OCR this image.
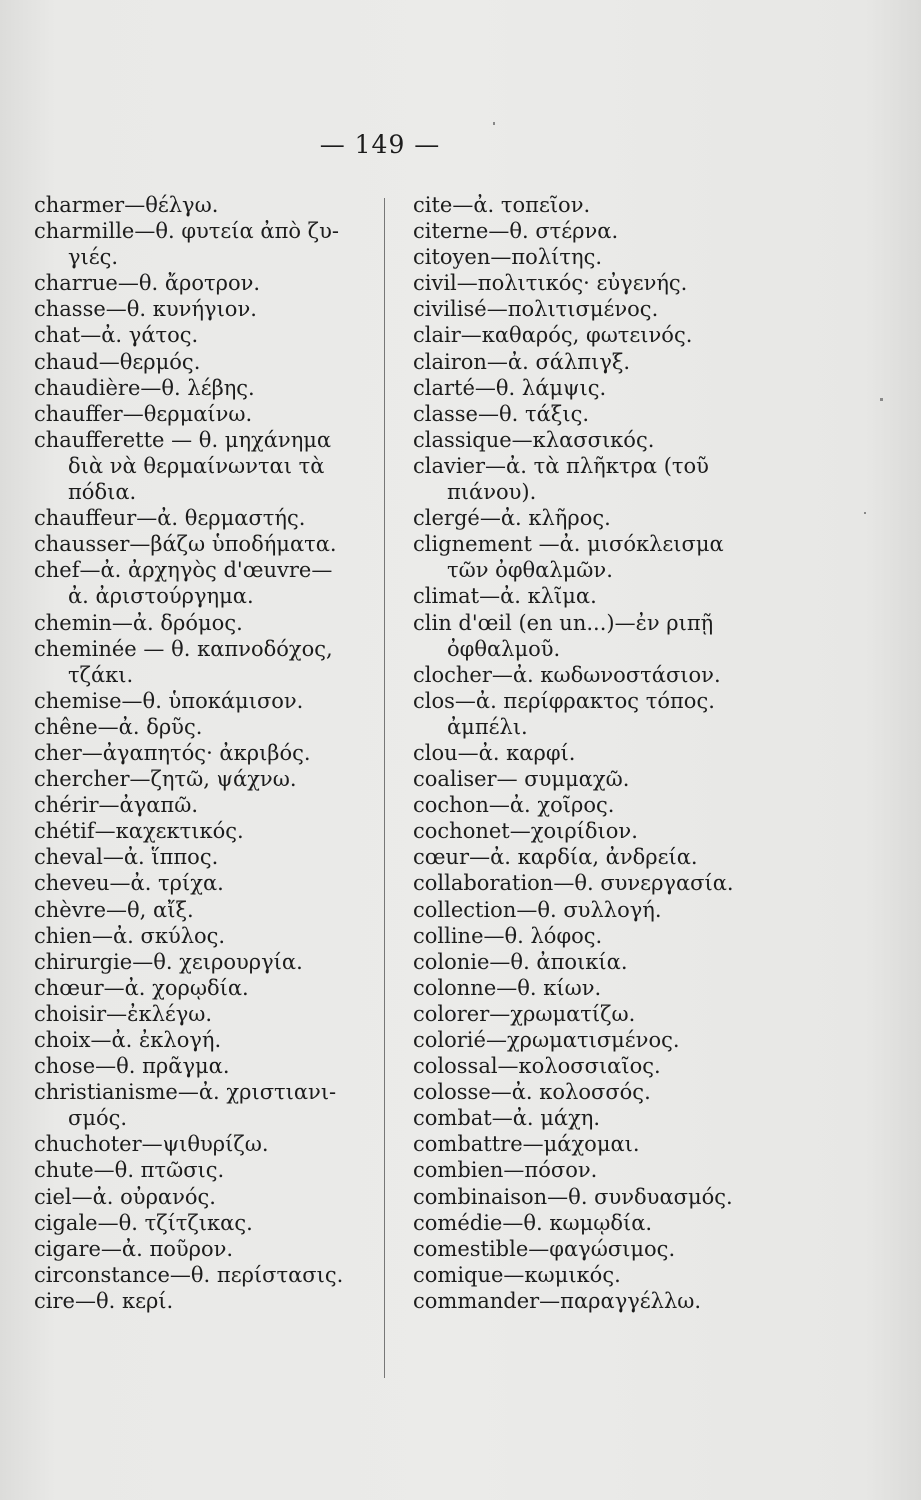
— 149 —
charmer—θέλγω.
charmille—θ. φυτεία ἀπὸ ζυ-
γιές.
charrue—θ. ἄροτρον.
chasse—θ. κυνήγιον.
chat—ἀ. γάτος.
chaud—θερμός.
chaudière—θ. λέβης.
chauffer—θερμαίνω.
chaufferette — θ. μηχάνημα
διὰ νὰ θερμαίνωνται τὰ
πόδια.
chauffeur—ἀ. θερμαστής.
chausser—βάζω ὑποδήματα.
chef—ἀ. ἀρχηγὸς d'œuvre—
ἀ. ἀριστούργημα.
chemin—ἀ. δρόμος.
cheminée — θ. καπνοδόχος,
τζάκι.
chemise—θ. ὑποκάμισον.
chêne—ἀ. δρῦς.
cher—ἀγαπητός· ἀκριβός.
chercher—ζητῶ, ψάχνω.
chérir—ἀγαπῶ.
chétif—καχεκτικός.
cheval—ἀ. ἵππος.
cheveu—ἀ. τρίχα.
chèvre—θ, αἴξ.
chien—ἀ. σκύλος.
chirurgie—θ. χειρουργία.
chœur—ἀ. χορῳδία.
choisir—ἐκλέγω.
choix—ἀ. ἐκλογή.
chose—θ. πρᾶγμα.
christianisme—ἀ. χριστιανι-
σμός.
chuchoter—ψιθυρίζω.
chute—θ. πτῶσις.
ciel—ἀ. οὐρανός.
cigale—θ. τζίτζικας.
cigare—ἀ. ποῦρον.
circonstance—θ. περίστασις.
cire—θ. κερί.
cite—ἀ. τοπεῖον.
citerne—θ. στέρνα.
citoyen—πολίτης.
civil—πολιτικός· εὐγενής.
civilisé—πολιτισμένος.
clair—καθαρός, φωτεινός.
clairon—ἀ. σάλπιγξ.
clarté—θ. λάμψις.
classe—θ. τάξις.
classique—κλασσικός.
clavier—ἀ. τὰ πλῆκτρα (τοῦ
πιάνου).
clergé—ἀ. κλῆρος.
clignement —ἀ. μισόκλεισμα
τῶν ὀφθαλμῶν.
climat—ἀ. κλῖμα.
clin d'œil (en un...)—ἐν ριπῇ
ὀφθαλμοῦ.
clocher—ἀ. κωδωνοστάσιον.
clos—ἀ. περίφρακτος τόπος.
ἀμπέλι.
clou—ἀ. καρφί.
coaliser— συμμαχῶ.
cochon—ἀ. χοῖρος.
cochonet—χοιρίδιον.
cœur—ἀ. καρδία, ἀνδρεία.
collaboration—θ. συνεργασία.
collection—θ. συλλογή.
colline—θ. λόφος.
colonie—θ. ἀποικία.
colonne—θ. κίων.
colorer—χρωματίζω.
colorié—χρωματισμένος.
colossal—κολοσσιαῖος.
colosse—ἀ. κολοσσός.
combat—ἀ. μάχη.
combattre—μάχομαι.
combien—πόσον.
combinaison—θ. συνδυασμός.
comédie—θ. κωμῳδία.
comestible—φαγώσιμος.
comique—κωμικός.
commander—παραγγέλλω.
